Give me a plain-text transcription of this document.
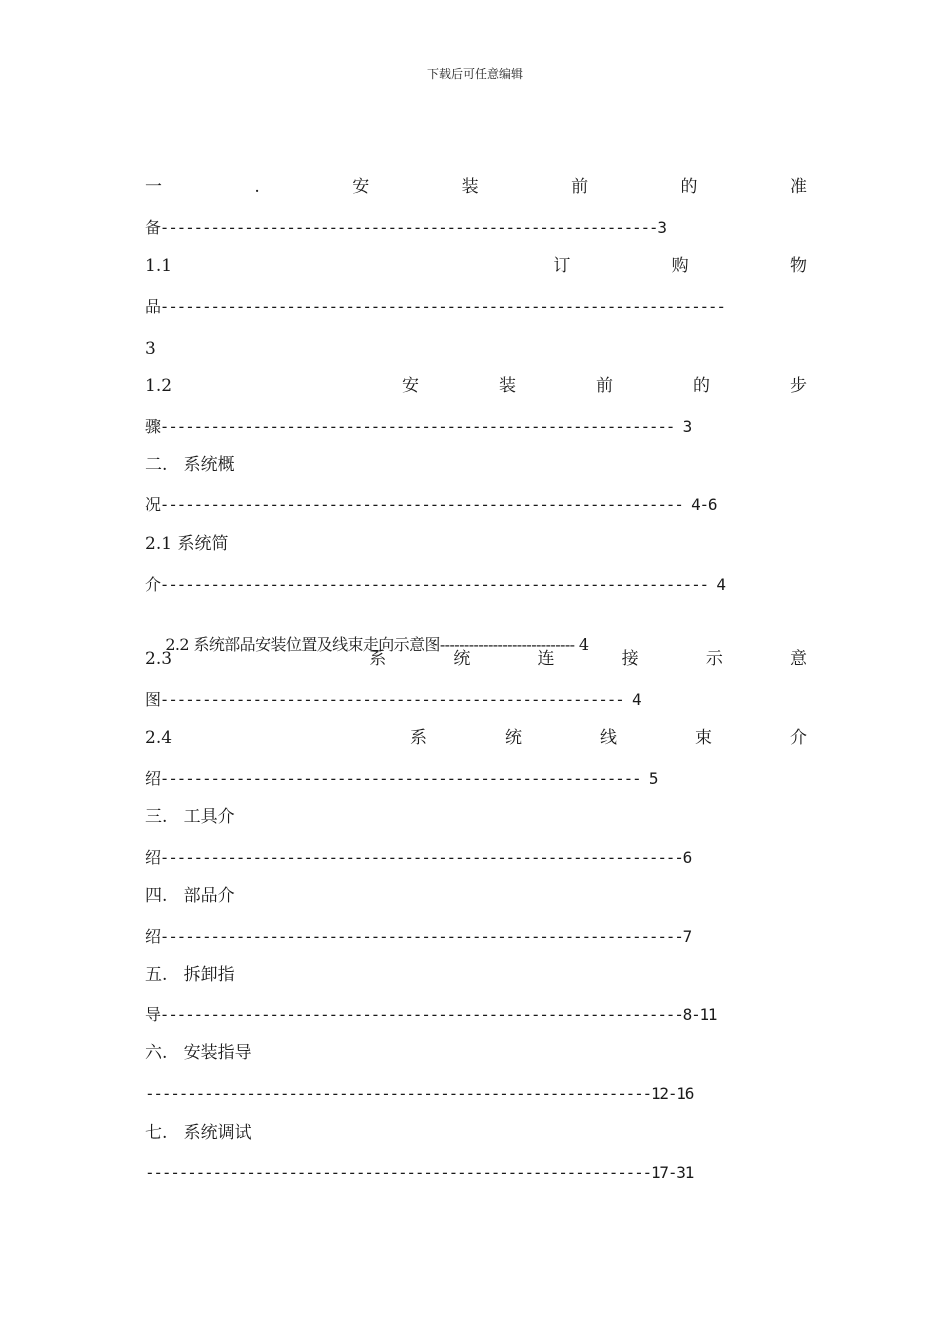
下载后可任意编辑
一	.	安	装	前	的	准
备-----------------------------------------------------------3
1.1	订	购	物
品-------------------------------------------------------------------
3
1.2	安	装	前	的	步
骤------------------------------------------------------------- 3
二.   系统概
况-------------------------------------------------------------- 4-6
2.1 系统简
介----------------------------------------------------------------- 4

2.2 系统部品安装位置及线束走向示意图---------------------------- 4

2.3	系	统	连	接	示	意
图------------------------------------------------------- 4
2.4	系	统	线	束	介
绍--------------------------------------------------------- 5
三.   工具介
绍--------------------------------------------------------------6
四.   部品介
绍--------------------------------------------------------------7
五.   拆卸指
导--------------------------------------------------------------8-11
六.   安装指导
------------------------------------------------------------12-16
七.   系统调试
------------------------------------------------------------17-31
